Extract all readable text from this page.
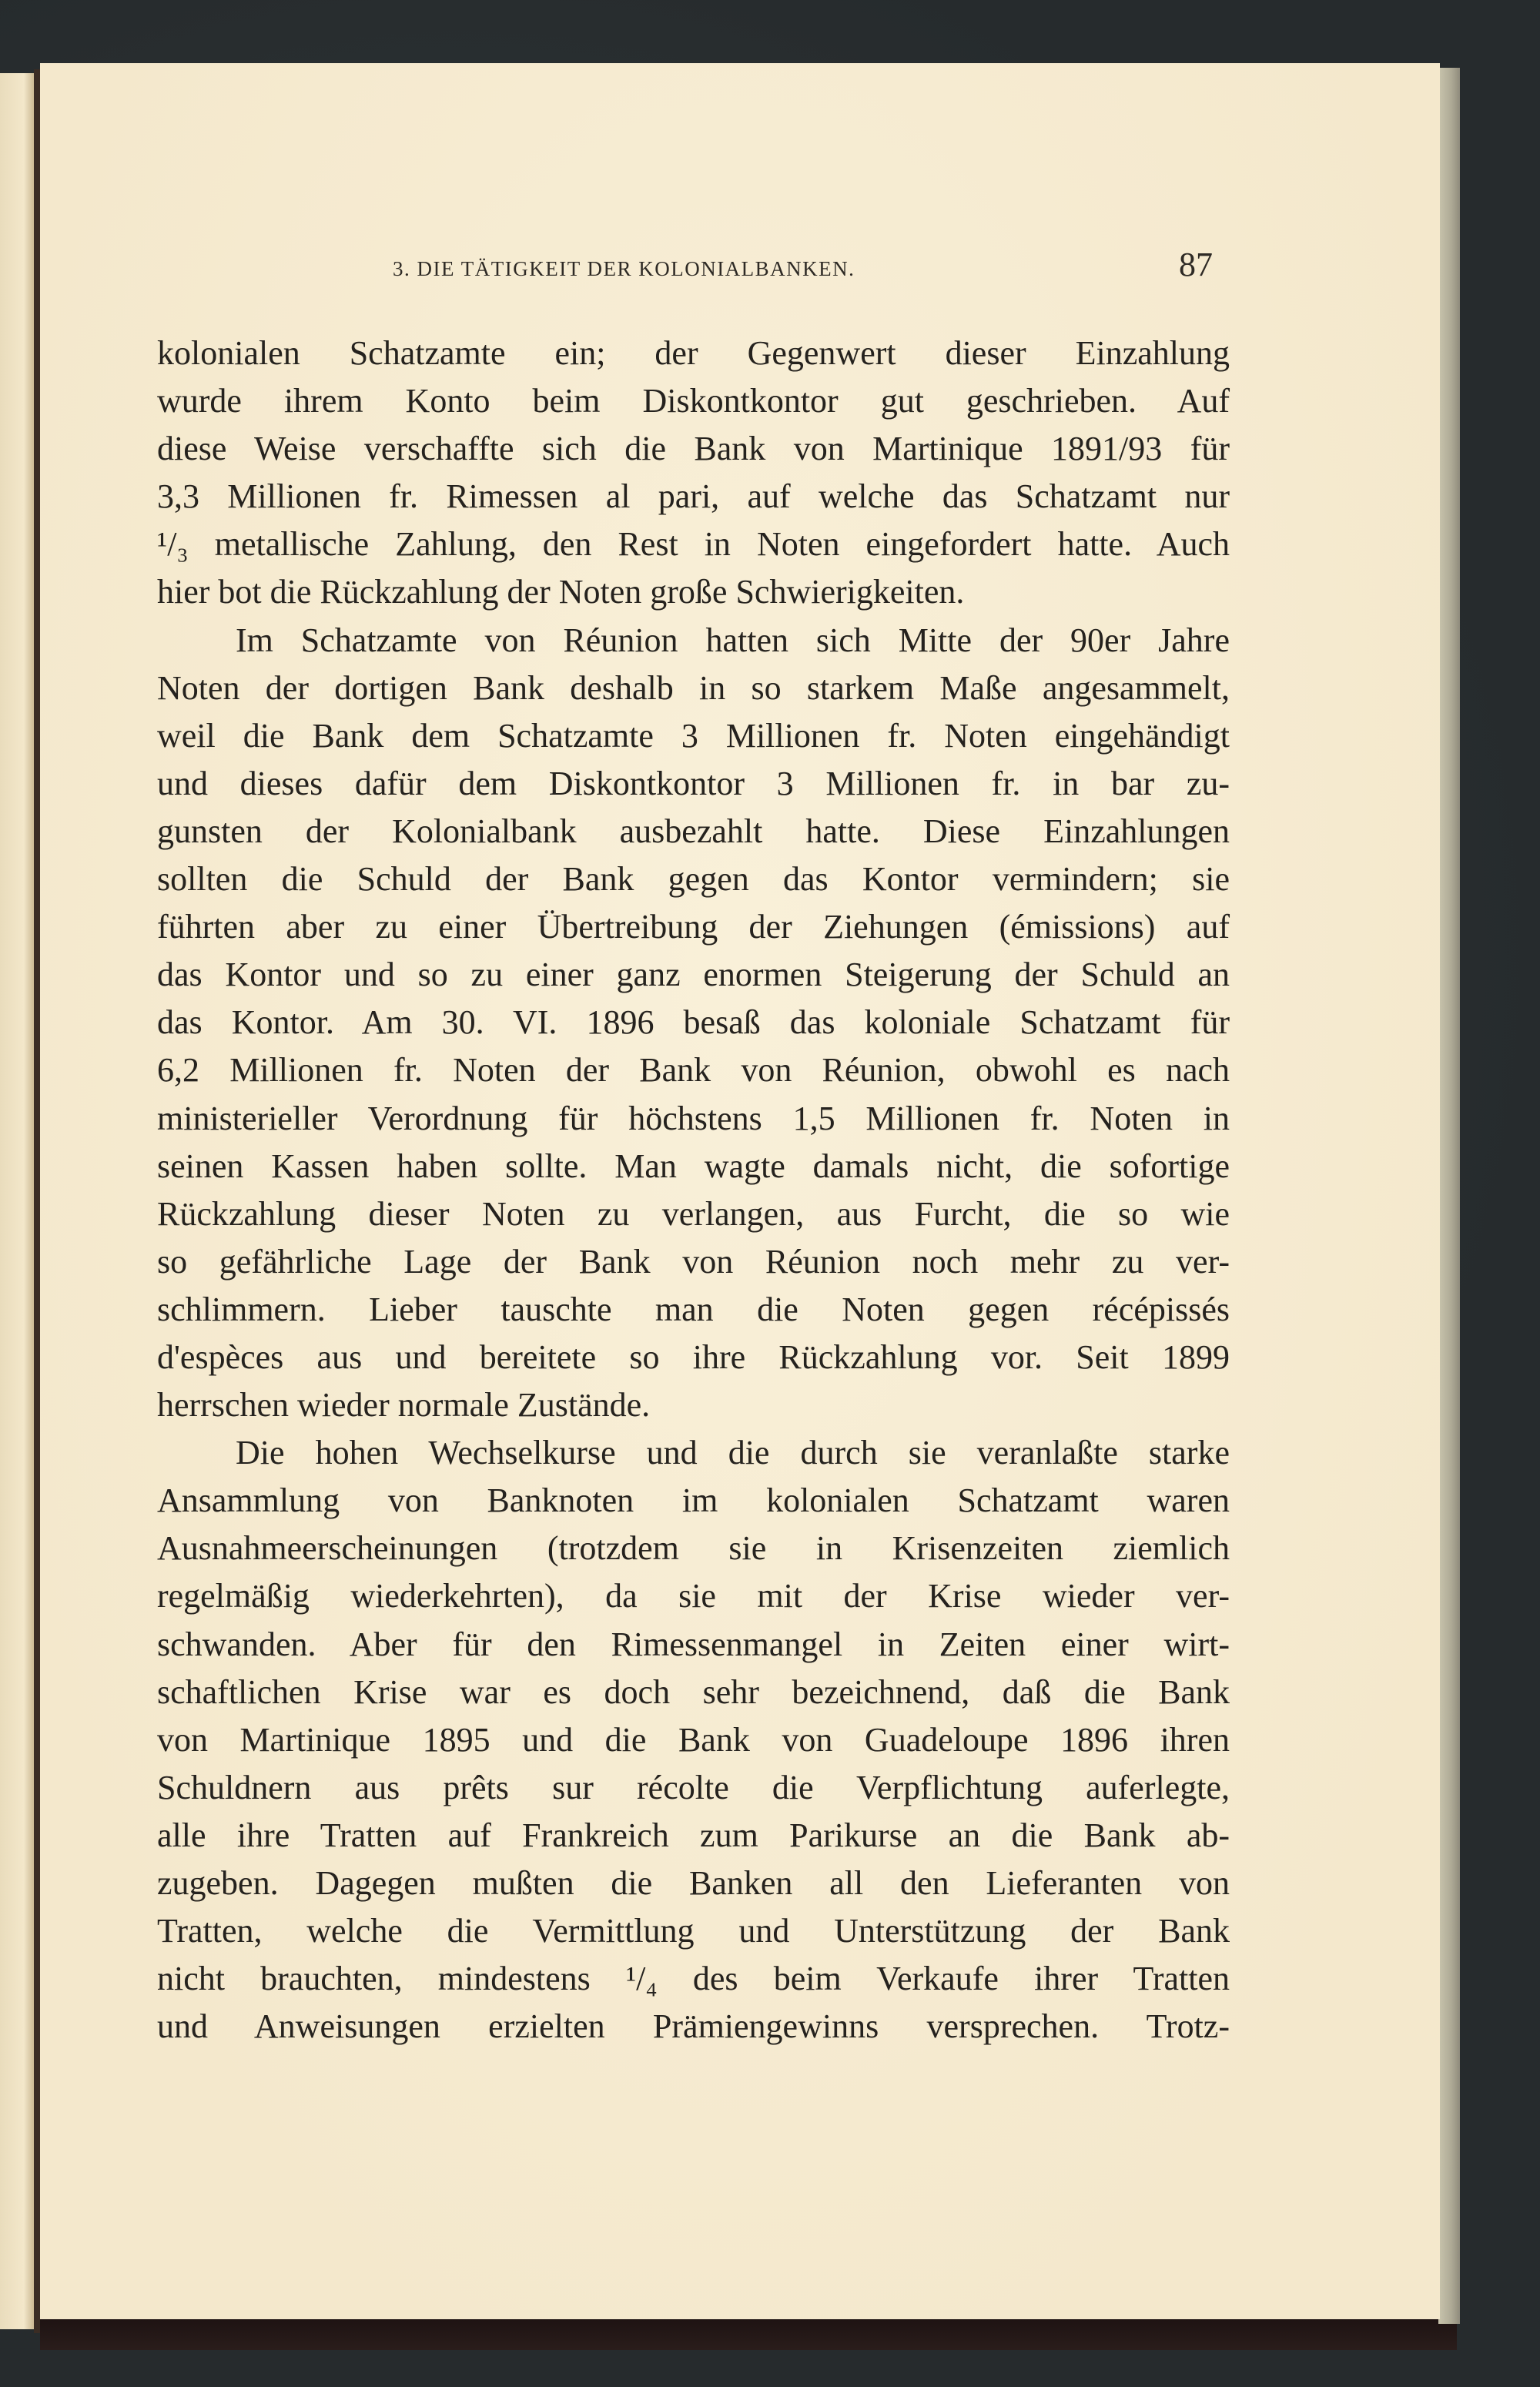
3. DIE TÄTIGKEIT DER KOLONIALBANKEN.	87
kolonialen Schatzamte ein; der Gegenwert dieser Einzahlung
wurde ihrem Konto beim Diskontkontor gut geschrieben. Auf
diese Weise verschaffte sich die Bank von Martinique 1891/93 für
3,3 Millionen fr. Rimessen al pari, auf welche das Schatzamt nur
¹/₃ metallische Zahlung, den Rest in Noten eingefordert hatte. Auch
hier bot die Rückzahlung der Noten große Schwierigkeiten.
Im Schatzamte von Réunion hatten sich Mitte der 90er Jahre
Noten der dortigen Bank deshalb in so starkem Maße angesammelt,
weil die Bank dem Schatzamte 3 Millionen fr. Noten eingehändigt
und dieses dafür dem Diskontkontor 3 Millionen fr. in bar zu-
gunsten der Kolonialbank ausbezahlt hatte. Diese Einzahlungen
sollten die Schuld der Bank gegen das Kontor vermindern; sie
führten aber zu einer Übertreibung der Ziehungen (émissions) auf
das Kontor und so zu einer ganz enormen Steigerung der Schuld an
das Kontor. Am 30. VI. 1896 besaß das koloniale Schatzamt für
6,2 Millionen fr. Noten der Bank von Réunion, obwohl es nach
ministerieller Verordnung für höchstens 1,5 Millionen fr. Noten in
seinen Kassen haben sollte. Man wagte damals nicht, die sofortige
Rückzahlung dieser Noten zu verlangen, aus Furcht, die so wie
so gefährliche Lage der Bank von Réunion noch mehr zu ver-
schlimmern. Lieber tauschte man die Noten gegen récépissés
d'espèces aus und bereitete so ihre Rückzahlung vor. Seit 1899
herrschen wieder normale Zustände.
Die hohen Wechselkurse und die durch sie veranlaßte starke
Ansammlung von Banknoten im kolonialen Schatzamt waren
Ausnahmeerscheinungen (trotzdem sie in Krisenzeiten ziemlich
regelmäßig wiederkehrten), da sie mit der Krise wieder ver-
schwanden. Aber für den Rimessenmangel in Zeiten einer wirt-
schaftlichen Krise war es doch sehr bezeichnend, daß die Bank
von Martinique 1895 und die Bank von Guadeloupe 1896 ihren
Schuldnern aus prêts sur récolte die Verpflichtung auferlegte,
alle ihre Tratten auf Frankreich zum Parikurse an die Bank ab-
zugeben. Dagegen mußten die Banken all den Lieferanten von
Tratten, welche die Vermittlung und Unterstützung der Bank
nicht brauchten, mindestens ¹/₄ des beim Verkaufe ihrer Tratten
und Anweisungen erzielten Prämiengewinns versprechen. Trotz-
